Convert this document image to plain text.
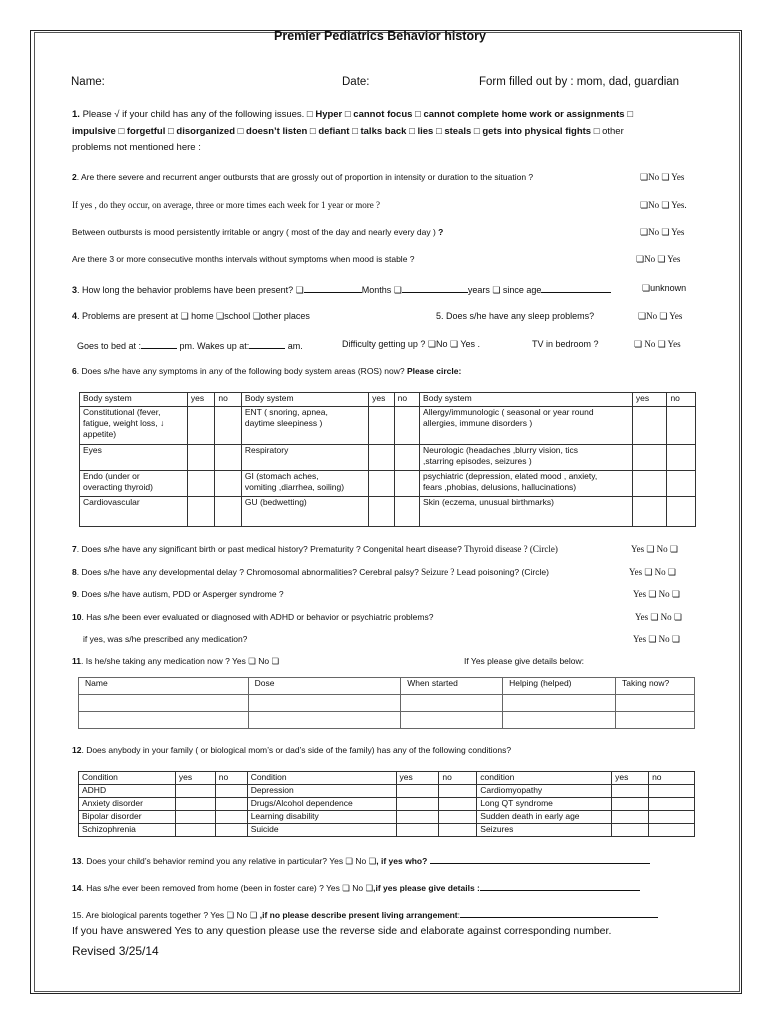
Premier Pediatrics Behavior history
Name:	Date:	Form filled out by : mom, dad, guardian
1. Please √ if your child has any of the following issues. □ Hyper □ cannot focus □ cannot complete home work or assignments □
impulsive □ forgetful □ disorganized □ doesn’t listen □ defiant □ talks back □ lies □ steals □ gets into physical fights □ other
problems not mentioned here :
2. Are there severe and recurrent anger outbursts that are grossly out of proportion in intensity or duration to the situation ?	❏No ❏ Yes
If yes , do they occur, on average, three or more times each week for 1 year or more ?	❏No ❏ Yes.
Between outbursts is mood persistently irritable or angry ( most of the day and nearly every day ) ?	❏No ❏ Yes
Are there 3 or more consecutive months intervals without symptoms when mood is stable ?	❏No ❏ Yes
3. How long the behavior problems have been present? ❏	Months ❏	years ❏ since age	❏unknown
4. Problems are present at ❏ home ❏school ❏other places	5. Does s/he have any sleep problems?	❏No ❏ Yes
Goes to bed at :	pm. Wakes up at:	am.	Difficulty getting up ? ❏No ❏ Yes .	TV in bedroom ?	❏ No ❏ Yes
6. Does s/he have any symptoms in any of the following body system areas (ROS) now? Please circle:
Body system	yes	no	Body system	yes	no	Body system	yes	no
Constitutional (fever,
fatigue, weight loss, ↓
appetite)			ENT ( snoring, apnea,
daytime sleepiness )			Allergy/immunologic ( seasonal or year round
allergies, immune disorders )		
Eyes			Respiratory			Neurologic (headaches ,blurry vision, tics
,starring episodes, seizures )		
Endo (under or
overacting thyroid)			GI (stomach aches,
vomiting ,diarrhea, soiling)			psychiatric (depression, elated mood , anxiety,
fears ,phobias, delusions, hallucinations)		
Cardiovascular			GU (bedwetting)			Skin (eczema, unusual birthmarks)		
7. Does s/he have any significant birth or past medical history? Prematurity ? Congenital heart disease? Thyroid disease ? (Circle)	Yes ❏ No ❏
8. Does s/he have any developmental delay ? Chromosomal abnormalities? Cerebral palsy? Seizure ? Lead poisoning? (Circle)	Yes ❏ No ❏
9. Does s/he have autism, PDD or Asperger syndrome ?	Yes ❏ No ❏
10. Has s/he been ever evaluated or diagnosed with ADHD or behavior or psychiatric problems?	Yes ❏ No ❏
if yes, was s/he prescribed any medication?	Yes ❏ No ❏
11. Is he/she taking any medication now ? Yes ❏ No ❏	If Yes please give details below:
Name	Dose	When started	Helping (helped)	Taking now?

12. Does anybody in your family ( or biological mom’s or dad’s side of the family) has any of the following conditions?
Condition	yes	no	Condition	yes	no	condition	yes	no
ADHD			Depression			Cardiomyopathy		
Anxiety disorder			Drugs/Alcohol dependence			Long QT syndrome		
Bipolar disorder			Learning disability			Sudden death in early age		
Schizophrenia			Suicide			Seizures		
13. Does your child’s behavior remind you any relative in particular? Yes ❏ No ❏, if yes who?
14. Has s/he ever been removed from home (been in foster care) ? Yes ❏ No ❏,if yes please give details :
15. Are biological parents together ? Yes ❏ No ❏ ,if no please describe present living arrangement:
If you have answered Yes to any question please use the reverse side and elaborate against corresponding number.
Revised 3/25/14
